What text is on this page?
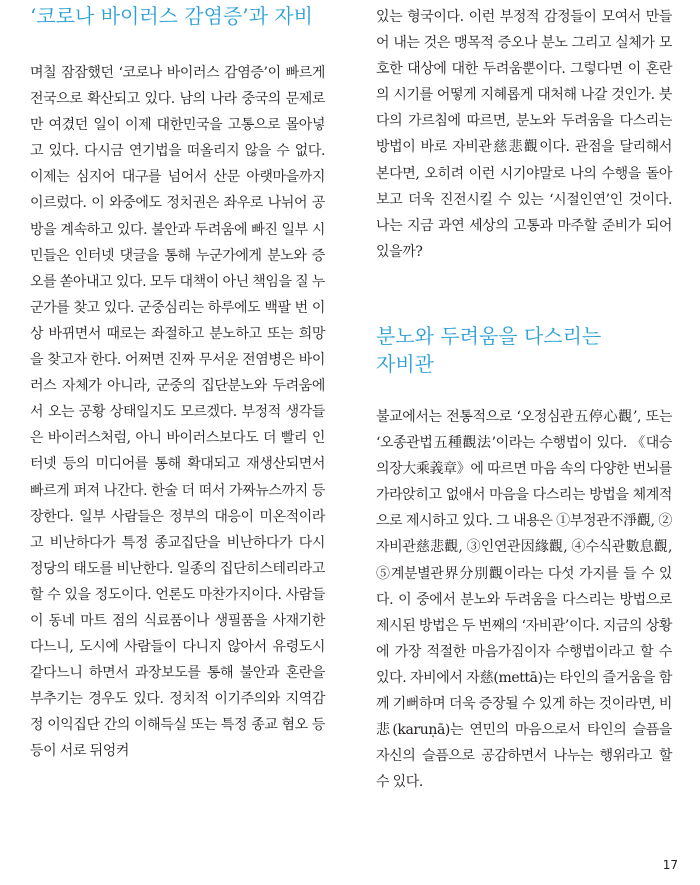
‘코로나 바이러스 감염증’과 자비

며칠 잠잠했던 ‘코로나 바이러스 감염증’이 빠르게 전국으로 확산되고 있다. 남의 나라 중국의 문제로만 여겼던 일이 이제 대한민국을 고통으로 몰아넣고 있다. 다시금 연기법을 떠올리지 않을 수 없다. 이제는 심지어 대구를 넘어서 산문 아랫마을까지 이르렀다. 이 와중에도 정치권은 좌우로 나뉘어 공방을 계속하고 있다. 불안과 두려움에 빠진 일부 시민들은 인터넷 댓글을 통해 누군가에게 분노와 증오를 쏟아내고 있다. 모두 대책이 아닌 책임을 질 누군가를 찾고 있다. 군중심리는 하루에도 백팔 번 이상 바뀌면서 때로는 좌절하고 분노하고 또는 희망을 찾고자 한다. 어쩌면 진짜 무서운 전염병은 바이러스 자체가 아니라, 군중의 집단분노와 두려움에서 오는 공황 상태일지도 모르겠다. 부정적 생각들은 바이러스처럼, 아니 바이러스보다도 더 빨리 인터넷 등의 미디어를 통해 확대되고 재생산되면서 빠르게 퍼져 나간다. 한술 더 떠서 가짜뉴스까지 등장한다. 일부 사람들은 정부의 대응이 미온적이라고 비난하다가 특정 종교집단을 비난하다가 다시 정당의 태도를 비난한다. 일종의 집단히스테리라고 할 수 있을 정도이다. 언론도 마찬가지이다. 사람들이 동네 마트 점의 식료품이나 생필품을 사재기한다느니, 도시에 사람들이 다니지 않아서 유령도시 같다느니 하면서 과장보도를 통해 불안과 혼란을 부추기는 경우도 있다. 정치적 이기주의와 지역감정 이익집단 간의 이해득실 또는 특정 종교 혐오 등등이 서로 뒤엉켜

있는 형국이다. 이런 부정적 감정들이 모여서 만들어 내는 것은 맹목적 증오나 분노 그리고 실체가 모호한 대상에 대한 두려움뿐이다. 그렇다면 이 혼란의 시기를 어떻게 지혜롭게 대처해 나갈 것인가. 붓다의 가르침에 따르면, 분노와 두려움을 다스리는 방법이 바로 자비관慈悲觀이다. 관점을 달리해서 본다면, 오히려 이런 시기야말로 나의 수행을 돌아보고 더욱 진전시킬 수 있는 ‘시절인연’인 것이다. 나는 지금 과연 세상의 고통과 마주할 준비가 되어 있을까?

분노와 두려움을 다스리는
자비관

불교에서는 전통적으로 ‘오정심관五停心觀’, 또는 ‘오종관법五種觀法’이라는 수행법이 있다. 《대승의장大乘義章》에 따르면 마음 속의 다양한 번뇌를 가라앉히고 없애서 마음을 다스리는 방법을 체계적으로 제시하고 있다. 그 내용은 ①부정관不淨觀, ②자비관慈悲觀, ③인연관因緣觀, ④수식관數息觀, ⑤계분별관界分別觀이라는 다섯 가지를 들 수 있다. 이 중에서 분노와 두려움을 다스리는 방법으로 제시된 방법은 두 번째의 ‘자비관’이다. 지금의 상황에 가장 적절한 마음가짐이자 수행법이라고 할 수 있다. 자비에서 자慈(mettā)는 타인의 즐거움을 함께 기뻐하며 더욱 증장될 수 있게 하는 것이라면, 비悲(karuṇā)는 연민의 마음으로서 타인의 슬픔을 자신의 슬픔으로 공감하면서 나누는 행위라고 할 수 있다.

17
